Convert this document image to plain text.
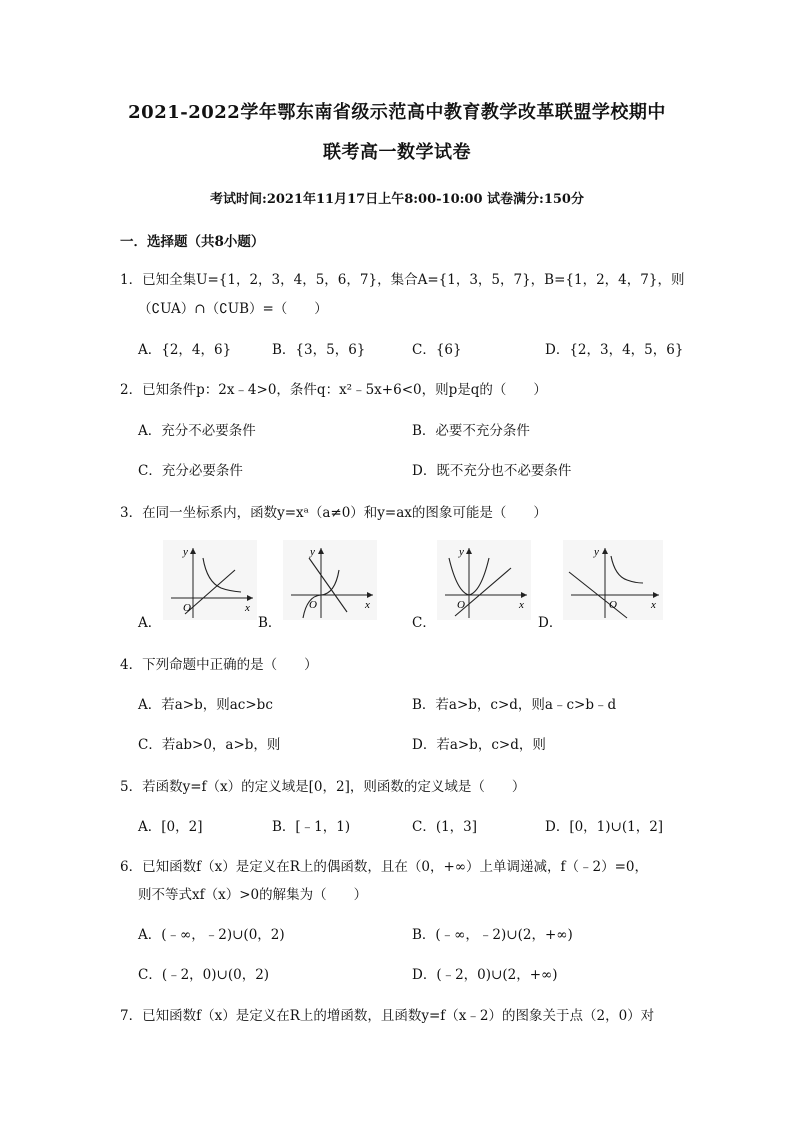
2021-2022学年鄂东南省级示范高中教育教学改革联盟学校期中
联考高一数学试卷
考试时间:2021年11月17日上午8:00-10:00 试卷满分:150分
一．选择题（共8小题）
1．已知全集U={1，2，3，4，5，6，7}，集合A={1，3，5，7}，B={1，2，4，7}，则
（∁UA）∩（∁UB）=（　　）
A．{2，4，6}	B．{3，5，6}	C．{6}	D．{2，3，4，5，6}
2．已知条件p：2x﹣4>0，条件q：x²﹣5x+6<0，则p是q的（　　）
A．充分不必要条件	B．必要不充分条件
C．充分必要条件	D．既不充分也不必要条件
3．在同一坐标系内，函数y=xᵃ（a≠0）和y=ax的图象可能是（　　）
A．	B．	C．	D．
y
x
O
y
x
O
y
x
O
y
x
O
4．下列命题中正确的是（　　）
A．若a>b，则ac>bc	B．若a>b，c>d，则a﹣c>b﹣d
C．若ab>0，a>b，则	D．若a>b，c>d，则
5．若函数y=f（x）的定义域是[0，2]，则函数的定义域是（　　）
A．[0，2]	B．[﹣1，1)	C．(1，3]	D．[0，1)∪(1，2]
6．已知函数f（x）是定义在R上的偶函数，且在（0，+∞）上单调递减，f（﹣2）=0，
则不等式xf（x）>0的解集为（　　）
A．(﹣∞，﹣2)∪(0，2)	B．(﹣∞，﹣2)∪(2，+∞)
C．(﹣2，0)∪(0，2)	D．(﹣2，0)∪(2，+∞)
7．已知函数f（x）是定义在R上的增函数，且函数y=f（x﹣2）的图象关于点（2，0）对
